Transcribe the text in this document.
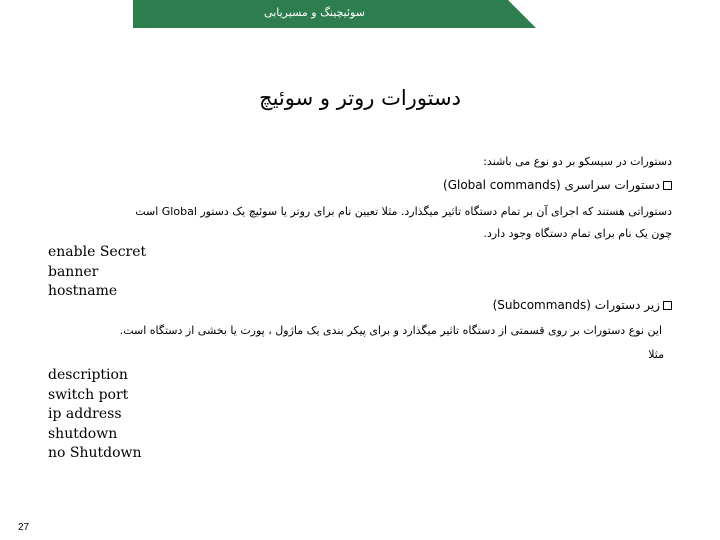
سوئیچینگ و مسیریابی
دستورات روتر و سوئیچ
دستورات در سیسکو بر دو نوع می باشند:
دستورات سراسری (Global commands)
دستوراتی هستند که اجرای آن بر تمام دستگاه تاثیر میگذارد. مثلا تعیین نام برای روتر یا سوئیچ یک دستور Global است
چون یک نام برای تمام دستگاه وجود دارد.
enable Secret
banner
hostname
زیر دستورات (Subcommands)
این نوع دستورات بر روی قسمتی از دستگاه تاثیر میگذارد و برای پیکر بندی یک ماژول ، پورت یا بخشی از دستگاه است.
مثلا
description
switch port
ip address
shutdown
no Shutdown
27
